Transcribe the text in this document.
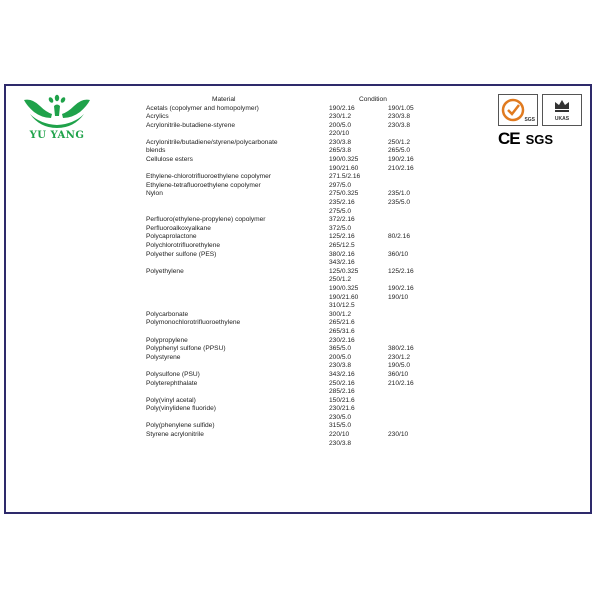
YU YANG
SGS	UKAS
CE SGS
Material	Condition
Acetals (copolymer and homopolymer)	190/2.16	190/1.05
Acrylics	230/1.2	230/3.8
Acrylonitrile-butadiene-styrene	200/5.0	230/3.8
220/10
Acrylonitrile/butadiene/styrene/polycarbonate	230/3.8	250/1.2
blends	265/3.8	265/5.0
Cellulose esters	190/0.325	190/2.16
190/21.60	210/2.16
Ethylene-chlorotrifluoroethylene copolymer	271.5/2.16
Ethylene-tetrafluoroethylene copolymer	297/5.0
Nylon	275/0.325	235/1.0
235/2.16	235/5.0
275/5.0
Perfluoro(ethylene-propylene) copolymer	372/2.16
Perfluoroalkoxyalkane	372/5.0
Polycaprolactone	125/2.16	80/2.16
Polychlorotrifluorethylene	265/12.5
Polyether sulfone (PES)	380/2.16	360/10
343/2.16
Polyethylene	125/0.325	125/2.16
250/1.2
190/0.325	190/2.16
190/21.60	190/10
310/12.5
Polycarbonate	300/1.2
Polymonochlorotrifluoroethylene	265/21.6
265/31.6
Polypropylene	230/2.16
Polyphenyl sulfone (PPSU)	365/5.0	380/2.16
Polystyrene	200/5.0	230/1.2
230/3.8	190/5.0
Polysulfone (PSU)	343/2.16	360/10
Polyterephthalate	250/2.16	210/2.16
285/2.16
Poly(vinyl acetal)	150/21.6
Poly(vinylidene fluoride)	230/21.6
230/5.0
Poly(phenylene sulfide)	315/5.0
Styrene acrylonitrile	220/10	230/10
230/3.8
